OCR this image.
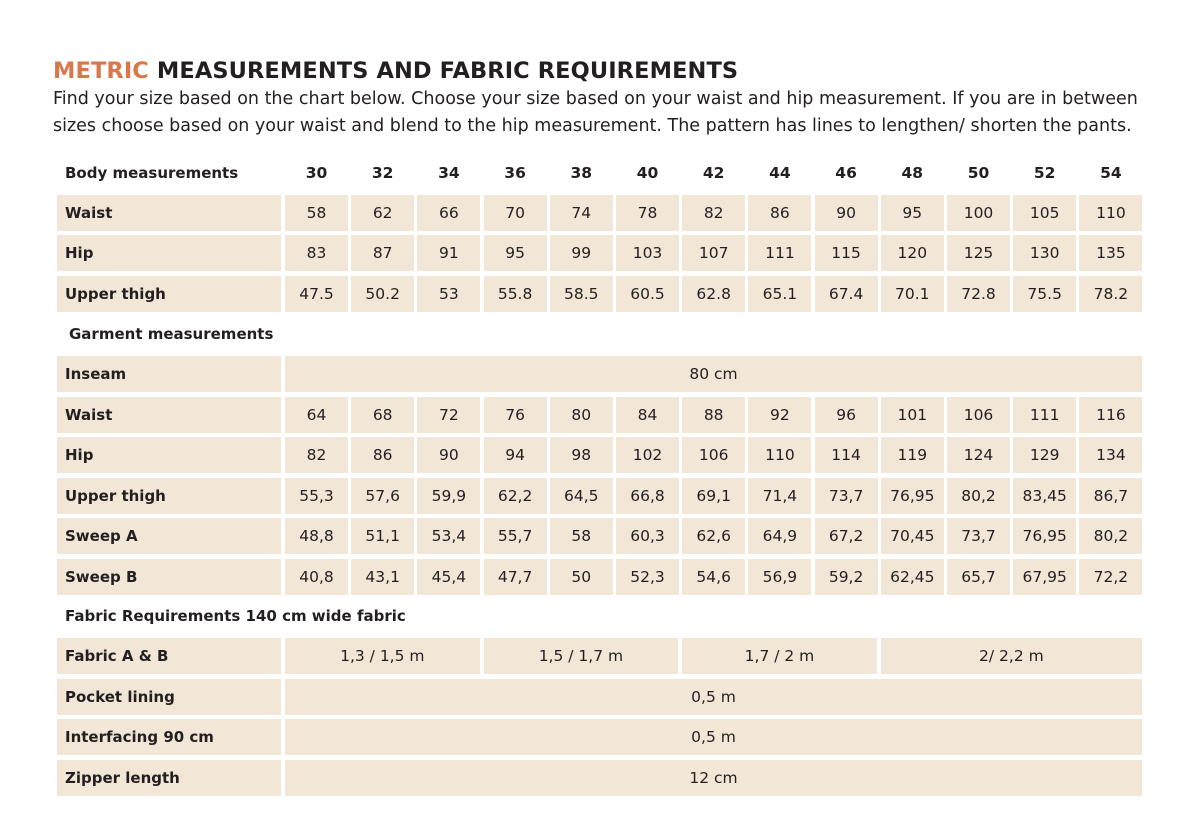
METRIC MEASUREMENTS AND FABRIC REQUIREMENTS
Find your size based on the chart below. Choose your size based on your waist and hip measurement. If you are in between sizes choose based on your waist and blend to the hip measurement. The pattern has lines to lengthen/ shorten the pants.
Body measurements	30	32	34	36	38	40	42	44	46	48	50	52	54
Waist	58	62	66	70	74	78	82	86	90	95	100	105	110
Hip	83	87	91	95	99	103	107	111	115	120	125	130	135
Upper thigh	47.5	50.2	53	55.8	58.5	60.5	62.8	65.1	67.4	70.1	72.8	75.5	78.2
Garment measurements
Inseam	80 cm
Waist	64	68	72	76	80	84	88	92	96	101	106	111	116
Hip	82	86	90	94	98	102	106	110	114	119	124	129	134
Upper thigh	55,3	57,6	59,9	62,2	64,5	66,8	69,1	71,4	73,7	76,95	80,2	83,45	86,7
Sweep A	48,8	51,1	53,4	55,7	58	60,3	62,6	64,9	67,2	70,45	73,7	76,95	80,2
Sweep B	40,8	43,1	45,4	47,7	50	52,3	54,6	56,9	59,2	62,45	65,7	67,95	72,2
Fabric Requirements 140 cm wide fabric
Fabric A & B	1,3 / 1,5 m	1,5 / 1,7 m	1,7 / 2 m	2/ 2,2 m
Pocket lining	0,5 m
Interfacing 90 cm	0,5 m
Zipper length	12 cm
